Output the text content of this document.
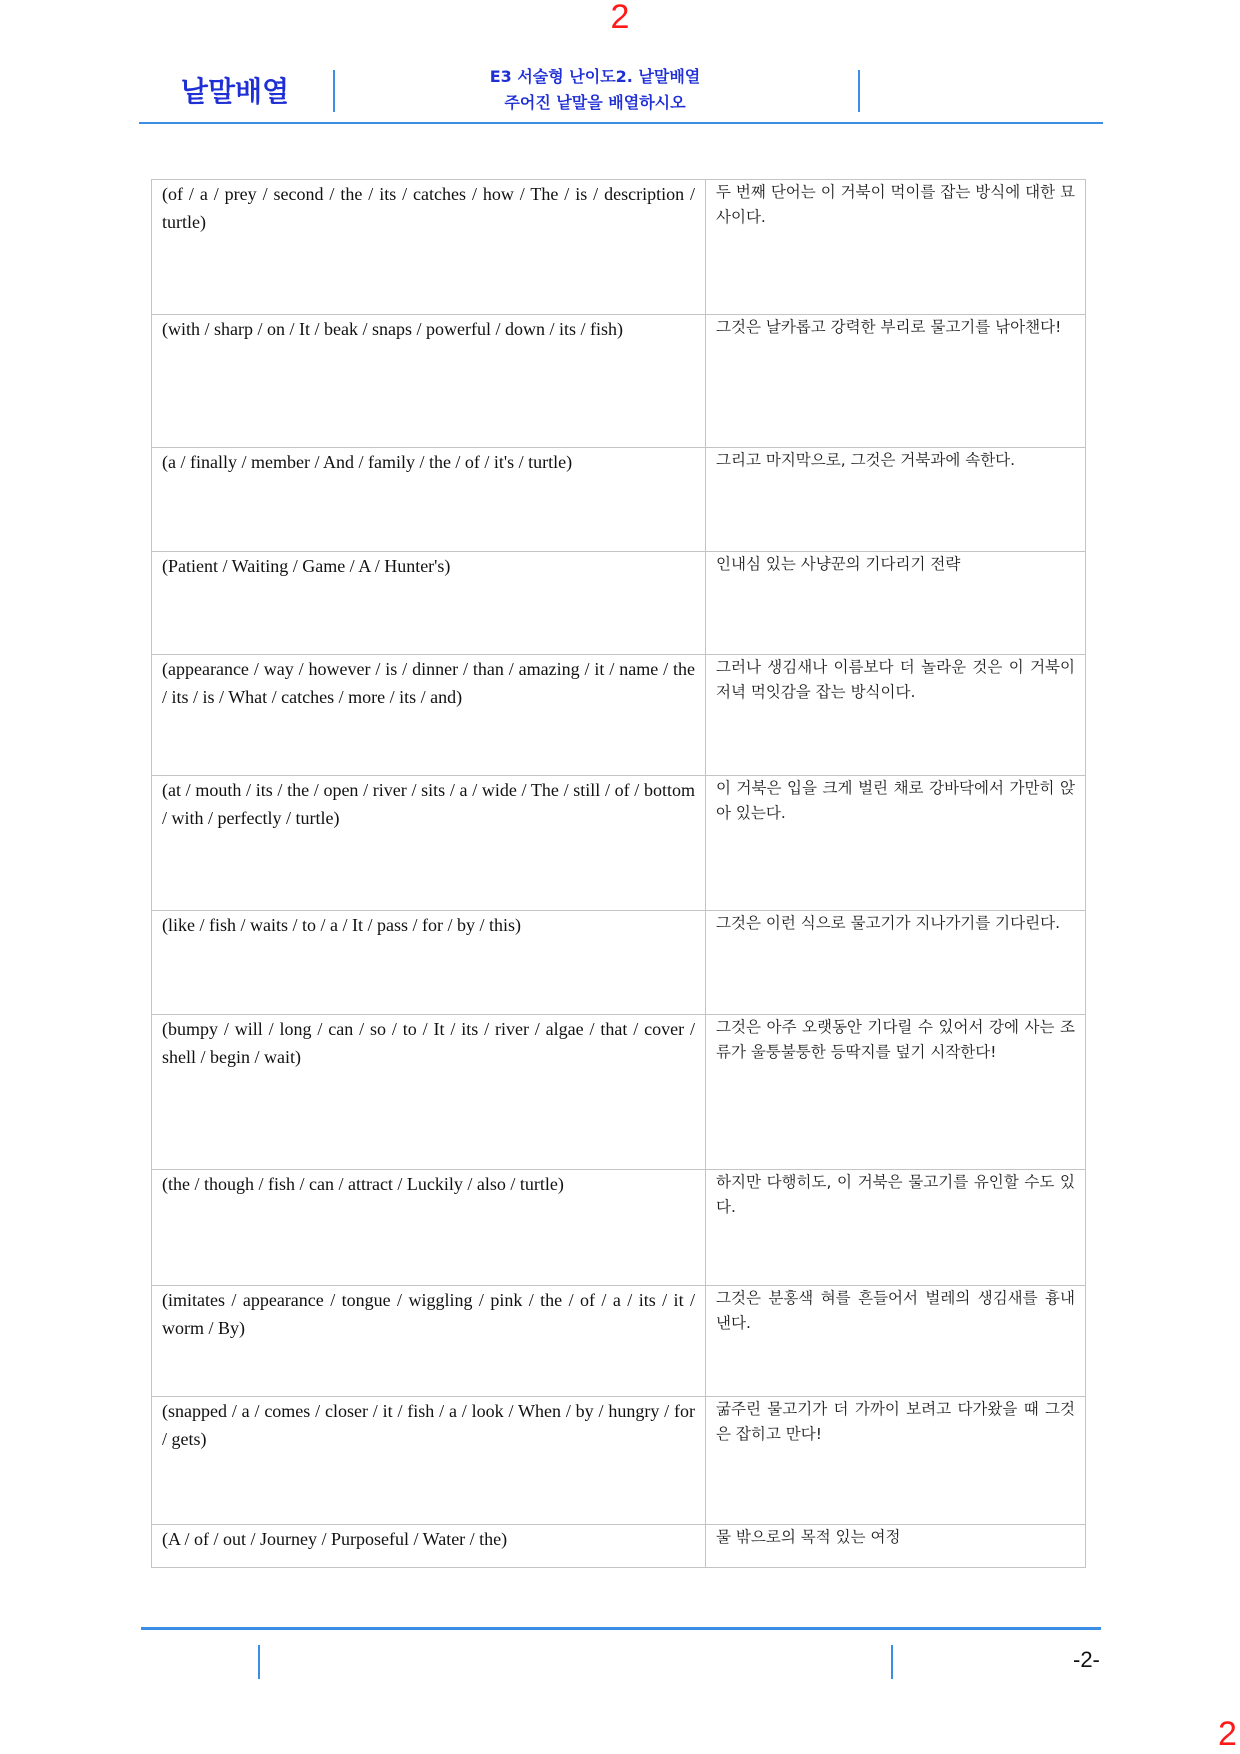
2
낱말배열	E3 서술형 난이도2. 낱말배열
주어진 낱말을 배열하시오
(of / a / prey / second / the / its / catches / how / The / is / description / turtle)	두 번째 단어는 이 거북이 먹이를 잡는 방식에 대한 묘사이다.
(with / sharp / on / It / beak / snaps / powerful / down / its / fish)	그것은 날카롭고 강력한 부리로 물고기를 낚아챈다!
(a / finally / member / And / family / the / of / it's / turtle)	그리고 마지막으로, 그것은 거북과에 속한다.
(Patient / Waiting / Game / A / Hunter's)	인내심 있는 사냥꾼의 기다리기 전략
(appearance / way / however / is / dinner / than / amazing / it / name / the / its / is / What / catches / more / its / and)	그러나 생김새나 이름보다 더 놀라운 것은 이 거북이 저녁 먹잇감을 잡는 방식이다.
(at / mouth / its / the / open / river / sits / a / wide / The / still / of / bottom / with / perfectly / turtle)	이 거북은 입을 크게 벌린 채로 강바닥에서 가만히 앉아 있는다.
(like / fish / waits / to / a / It / pass / for / by / this)	그것은 이런 식으로 물고기가 지나가기를 기다린다.
(bumpy / will / long / can / so / to / It / its / river / algae / that / cover / shell / begin / wait)	그것은 아주 오랫동안 기다릴 수 있어서 강에 사는 조류가 울퉁불퉁한 등딱지를 덮기 시작한다!
(the / though / fish / can / attract / Luckily / also / turtle)	하지만 다행히도, 이 거북은 물고기를 유인할 수도 있다.
(imitates / appearance / tongue / wiggling / pink / the / of / a / its / it / worm / By)	그것은 분홍색 혀를 흔들어서 벌레의 생김새를 흉내 낸다.
(snapped / a / comes / closer / it / fish / a / look / When / by / hungry / for / gets)	굶주린 물고기가 더 가까이 보려고 다가왔을 때 그것은 잡히고 만다!
(A / of / out / Journey / Purposeful / Water / the)	물 밖으로의 목적 있는 여정
-2-
2
